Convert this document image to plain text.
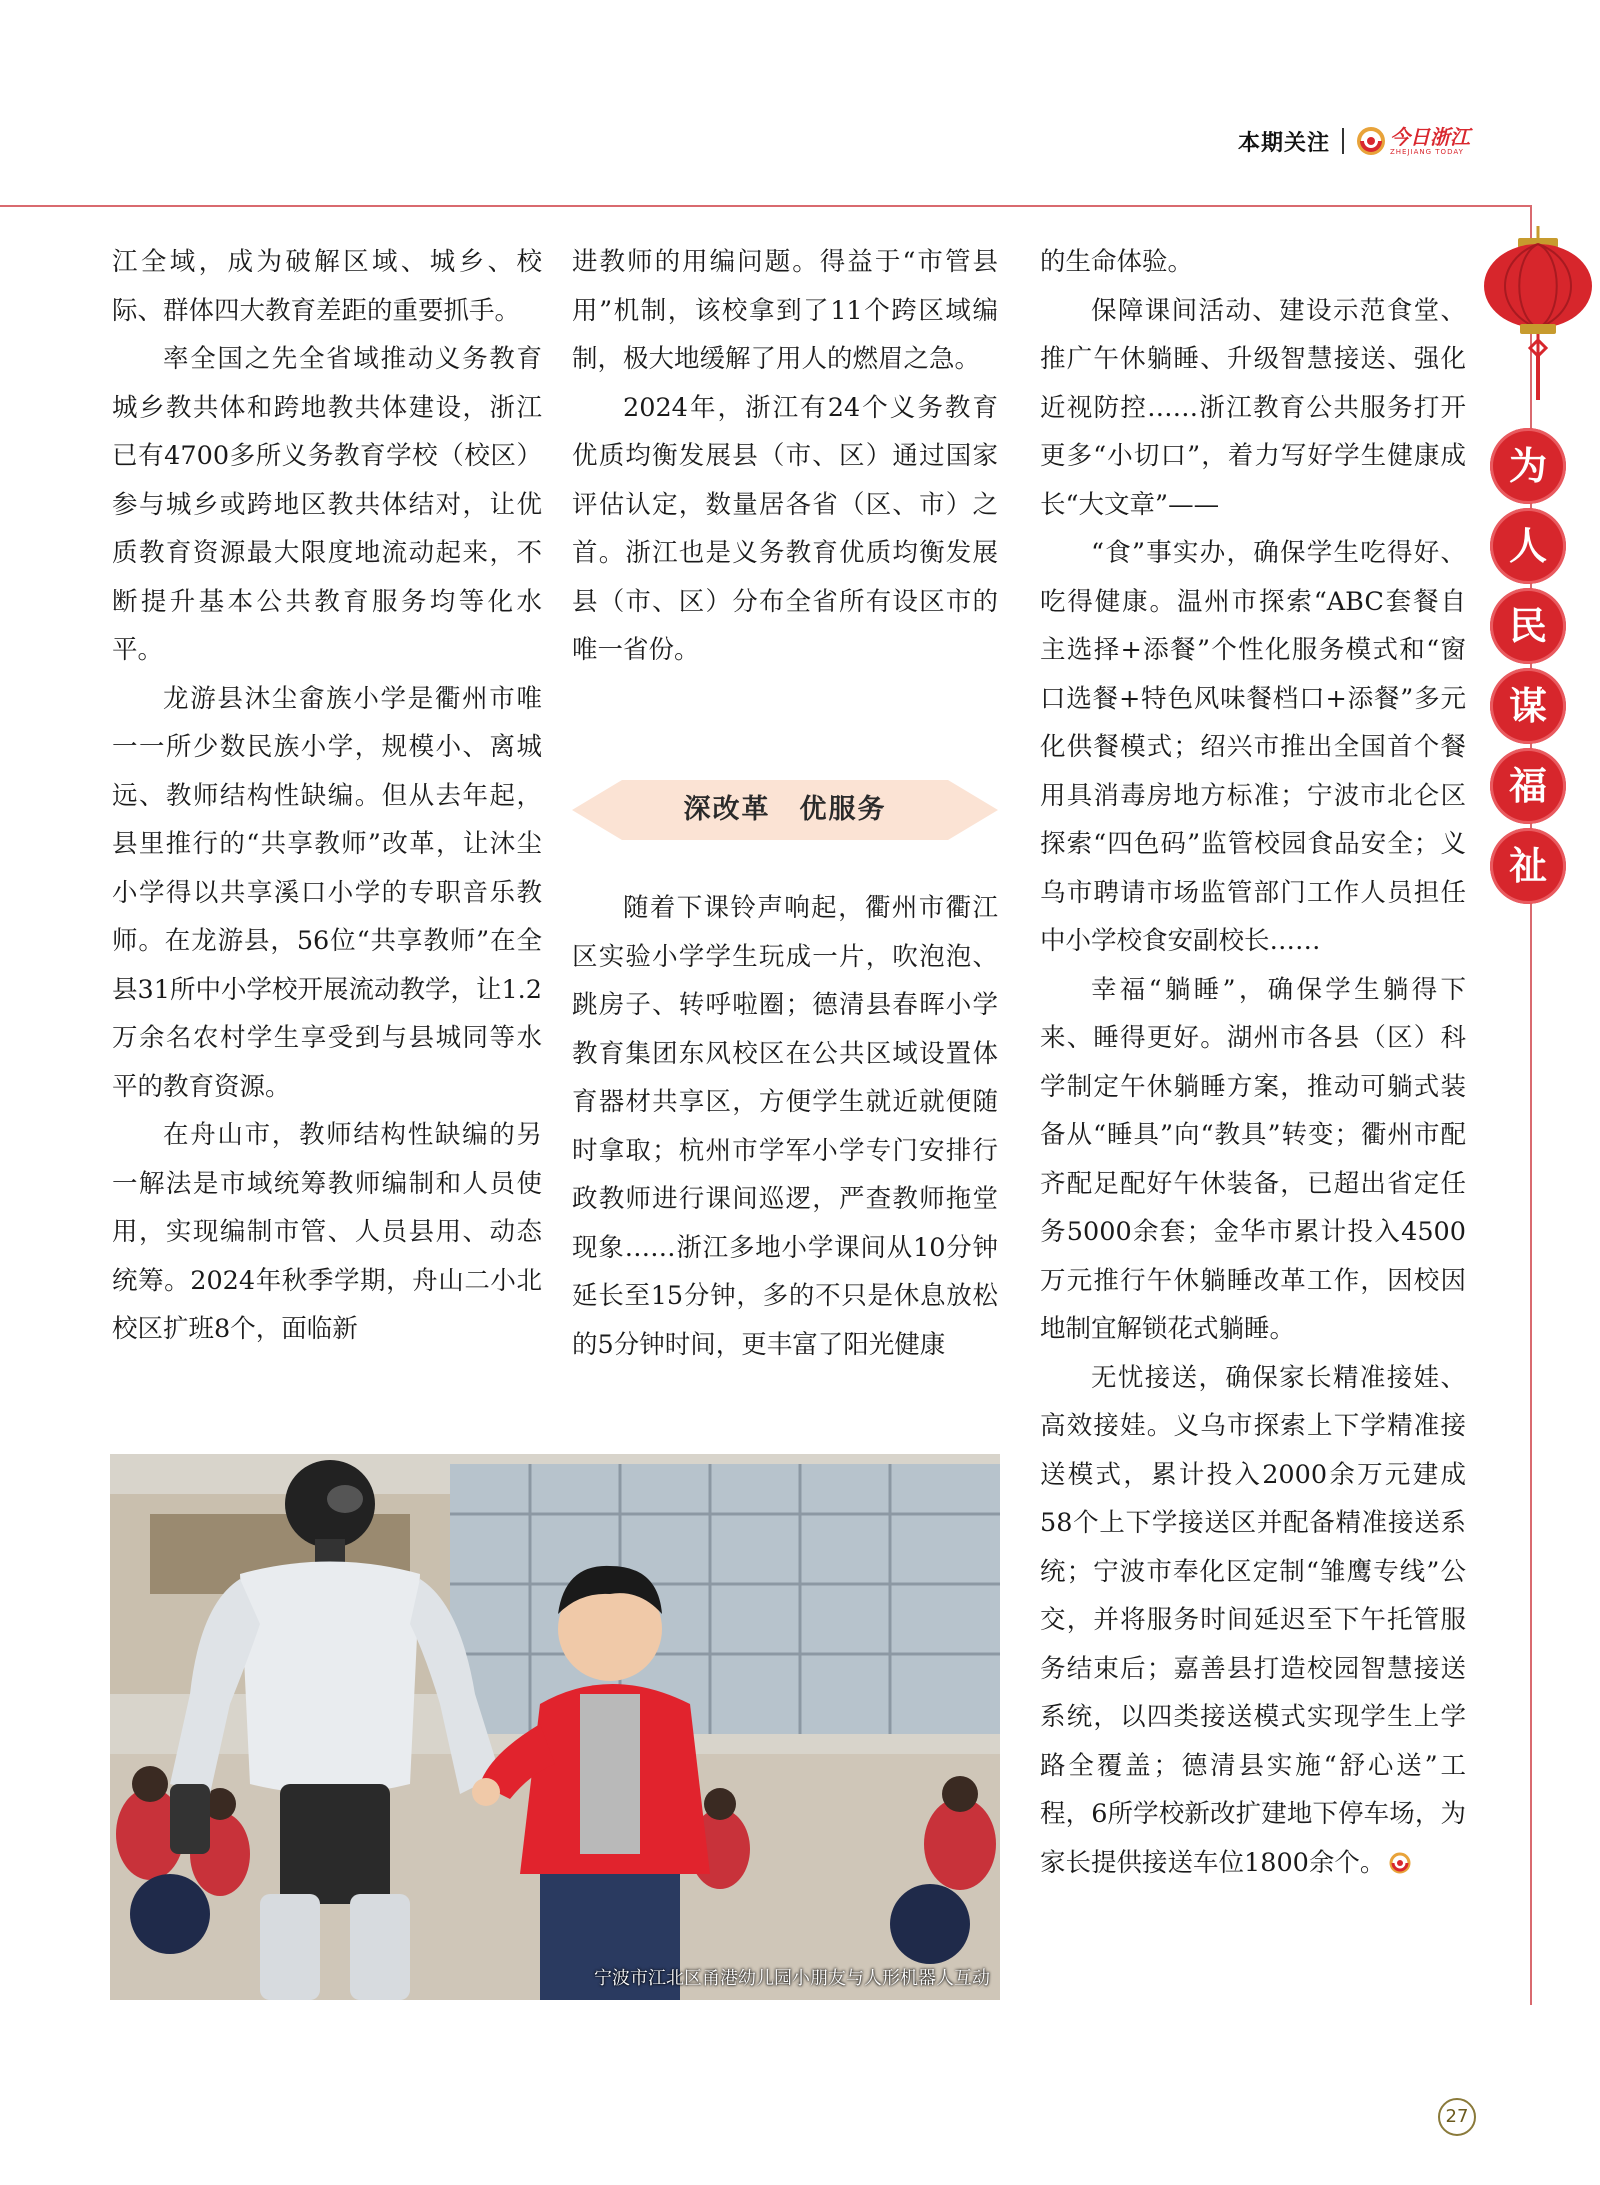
本期关注	今日浙江
ZHEJIANG TODAY
为
人
民
谋
福
祉

江全域，成为破解区域、城乡、校际、群体四大教育差距的重要抓手。

率全国之先全省域推动义务教育城乡教共体和跨地教共体建设，浙江已有4700多所义务教育学校（校区）参与城乡或跨地区教共体结对，让优质教育资源最大限度地流动起来，不断提升基本公共教育服务均等化水平。

龙游县沐尘畲族小学是衢州市唯一一所少数民族小学，规模小、离城远、教师结构性缺编。但从去年起，县里推行的“共享教师”改革，让沐尘小学得以共享溪口小学的专职音乐教师。在龙游县，56位“共享教师”在全县31所中小学校开展流动教学，让1.2万余名农村学生享受到与县城同等水平的教育资源。

在舟山市，教师结构性缺编的另一解法是市域统筹教师编制和人员使用，实现编制市管、人员县用、动态统筹。2024年秋季学期，舟山二小北校区扩班8个，面临新

进教师的用编问题。得益于“市管县用”机制，该校拿到了11个跨区域编制，极大地缓解了用人的燃眉之急。

2024年，浙江有24个义务教育优质均衡发展县（市、区）通过国家评估认定，数量居各省（区、市）之首。浙江也是义务教育优质均衡发展县（市、区）分布全省所有设区市的唯一省份。

深改革　优服务

随着下课铃声响起，衢州市衢江区实验小学学生玩成一片，吹泡泡、跳房子、转呼啦圈；德清县春晖小学教育集团东风校区在公共区域设置体育器材共享区，方便学生就近就便随时拿取；杭州市学军小学专门安排行政教师进行课间巡逻，严查教师拖堂现象……浙江多地小学课间从10分钟延长至15分钟，多的不只是休息放松的5分钟时间，更丰富了阳光健康

的生命体验。

保障课间活动、建设示范食堂、推广午休躺睡、升级智慧接送、强化近视防控……浙江教育公共服务打开更多“小切口”，着力写好学生健康成长“大文章”——

“食”事实办，确保学生吃得好、吃得健康。温州市探索“ABC套餐自主选择+添餐”个性化服务模式和“窗口选餐+特色风味餐档口+添餐”多元化供餐模式；绍兴市推出全国首个餐用具消毒房地方标准；宁波市北仑区探索“四色码”监管校园食品安全；义乌市聘请市场监管部门工作人员担任中小学校食安副校长……

幸福“躺睡”，确保学生躺得下来、睡得更好。湖州市各县（区）科学制定午休躺睡方案，推动可躺式装备从“睡具”向“教具”转变；衢州市配齐配足配好午休装备，已超出省定任务5000余套；金华市累计投入4500万元推行午休躺睡改革工作，因校因地制宜解锁花式躺睡。

无忧接送，确保家长精准接娃、高效接娃。义乌市探索上下学精准接送模式，累计投入2000余万元建成58个上下学接送区并配备精准接送系统；宁波市奉化区定制“雏鹰专线”公交，并将服务时间延迟至下午托管服务结束后；嘉善县打造校园智慧接送系统，以四类接送模式实现学生上学路全覆盖；德清县实施“舒心送”工程，6所学校新改扩建地下停车场，为家长提供接送车位1800余个。

宁波市江北区甬港幼儿园小朋友与人形机器人互动
27
